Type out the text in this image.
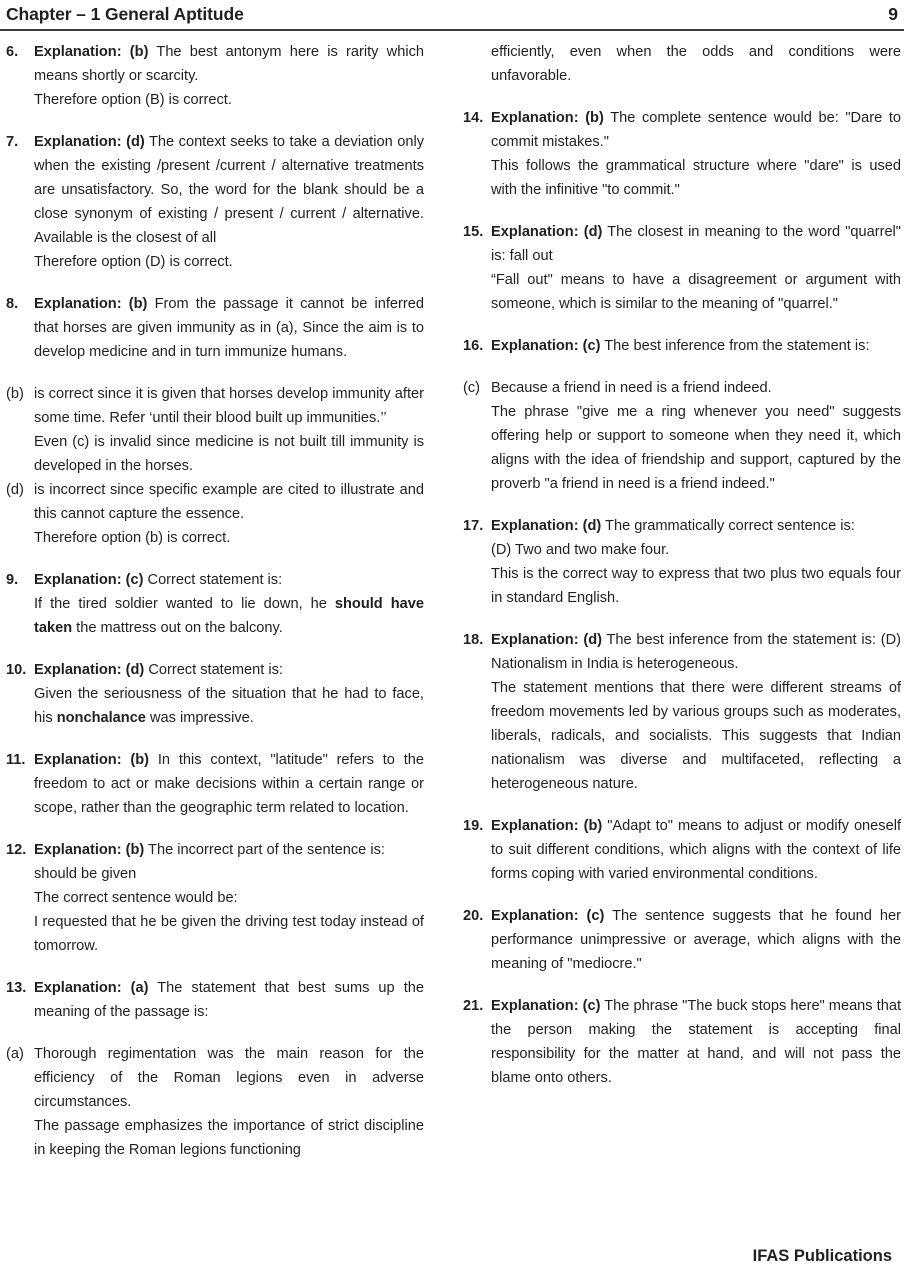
Chapter – 1 General Aptitude	9
6.	Explanation: (b) The best antonym here is rarity which means shortly or scarcity.
Therefore option (B) is correct.
7.	Explanation: (d) The context seeks to take a deviation only when the existing /present /current / alternative treatments are unsatisfactory. So, the word for the blank should be a close synonym of existing / present / current / alternative. Available is the closest of all
Therefore option (D) is correct.
8.	Explanation: (b) From the passage it cannot be inferred that horses are given immunity as in (a), Since the aim is to develop medicine and in turn immunize humans.
(b) is correct since it is given that horses develop immunity after some time. Refer ‘until their blood built up immunities.’’
Even (c) is invalid since medicine is not built till immunity is developed in the horses.
(d) is incorrect since specific example are cited to illustrate and this cannot capture the essence.
Therefore option (b) is correct.
9.	Explanation: (c) Correct statement is:
If the tired soldier wanted to lie down, he should have taken the mattress out on the balcony.
10. Explanation: (d) Correct statement is:
Given the seriousness of the situation that he had to face, his nonchalance was impressive.
11. Explanation: (b) In this context, "latitude" refers to the freedom to act or make decisions within a certain range or scope, rather than the geographic term related to location.
12. Explanation: (b) The incorrect part of the sentence is:
should be given
The correct sentence would be:
I requested that he be given the driving test today instead of tomorrow.
13. Explanation: (a) The statement that best sums up the meaning of the passage is:
(a) Thorough regimentation was the main reason for the efficiency of the Roman legions even in adverse circumstances.
The passage emphasizes the importance of strict discipline in keeping the Roman legions functioning
efficiently, even when the odds and conditions were unfavorable.
14. Explanation: (b) The complete sentence would be: "Dare to commit mistakes."
This follows the grammatical structure where "dare" is used with the infinitive "to commit."
15. Explanation: (d) The closest in meaning to the word "quarrel" is: fall out
“Fall out" means to have a disagreement or argument with someone, which is similar to the meaning of "quarrel."
16. Explanation: (c) The best inference from the statement is:
(c) Because a friend in need is a friend indeed.
The phrase "give me a ring whenever you need" suggests offering help or support to someone when they need it, which aligns with the idea of friendship and support, captured by the proverb "a friend in need is a friend indeed."
17. Explanation: (d) The grammatically correct sentence is:
(D) Two and two make four.
This is the correct way to express that two plus two equals four in standard English.
18. Explanation: (d) The best inference from the statement is: (D) Nationalism in India is heterogeneous.
The statement mentions that there were different streams of freedom movements led by various groups such as moderates, liberals, radicals, and socialists. This suggests that Indian nationalism was diverse and multifaceted, reflecting a heterogeneous nature.
19. Explanation: (b) "Adapt to" means to adjust or modify oneself to suit different conditions, which aligns with the context of life forms coping with varied environmental conditions.
20. Explanation: (c) The sentence suggests that he found her performance unimpressive or average, which aligns with the meaning of "mediocre."
21. Explanation: (c) The phrase "The buck stops here" means that the person making the statement is accepting final responsibility for the matter at hand, and will not pass the blame onto others.
IFAS Publications
